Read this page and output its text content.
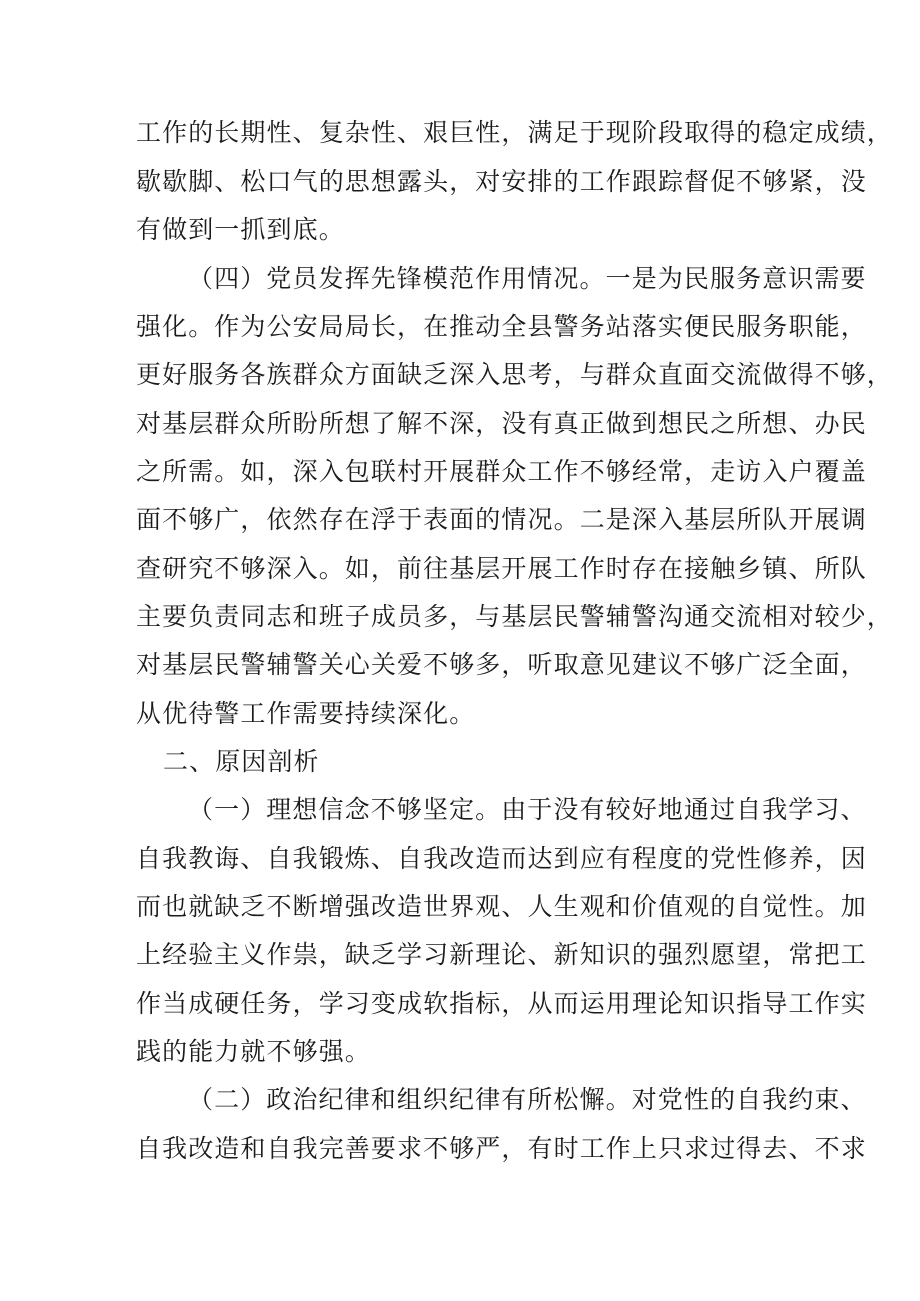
工作的长期性、复杂性、艰巨性，满足于现阶段取得的稳定成绩，
歇歇脚、松口气的思想露头，对安排的工作跟踪督促不够紧，没
有做到一抓到底。
（四）党员发挥先锋模范作用情况。一是为民服务意识需要
强化。作为公安局局长，在推动全县警务站落实便民服务职能，
更好服务各族群众方面缺乏深入思考，与群众直面交流做得不够，
对基层群众所盼所想了解不深，没有真正做到想民之所想、办民
之所需。如，深入包联村开展群众工作不够经常，走访入户覆盖
面不够广，依然存在浮于表面的情况。二是深入基层所队开展调
查研究不够深入。如，前往基层开展工作时存在接触乡镇、所队
主要负责同志和班子成员多，与基层民警辅警沟通交流相对较少，
对基层民警辅警关心关爱不够多，听取意见建议不够广泛全面，
从优待警工作需要持续深化。
二、原因剖析
（一）理想信念不够坚定。由于没有较好地通过自我学习、
自我教诲、自我锻炼、自我改造而达到应有程度的党性修养，因
而也就缺乏不断增强改造世界观、人生观和价值观的自觉性。加
上经验主义作祟，缺乏学习新理论、新知识的强烈愿望，常把工
作当成硬任务，学习变成软指标，从而运用理论知识指导工作实
践的能力就不够强。
（二）政治纪律和组织纪律有所松懈。对党性的自我约束、
自我改造和自我完善要求不够严，有时工作上只求过得去、不求
